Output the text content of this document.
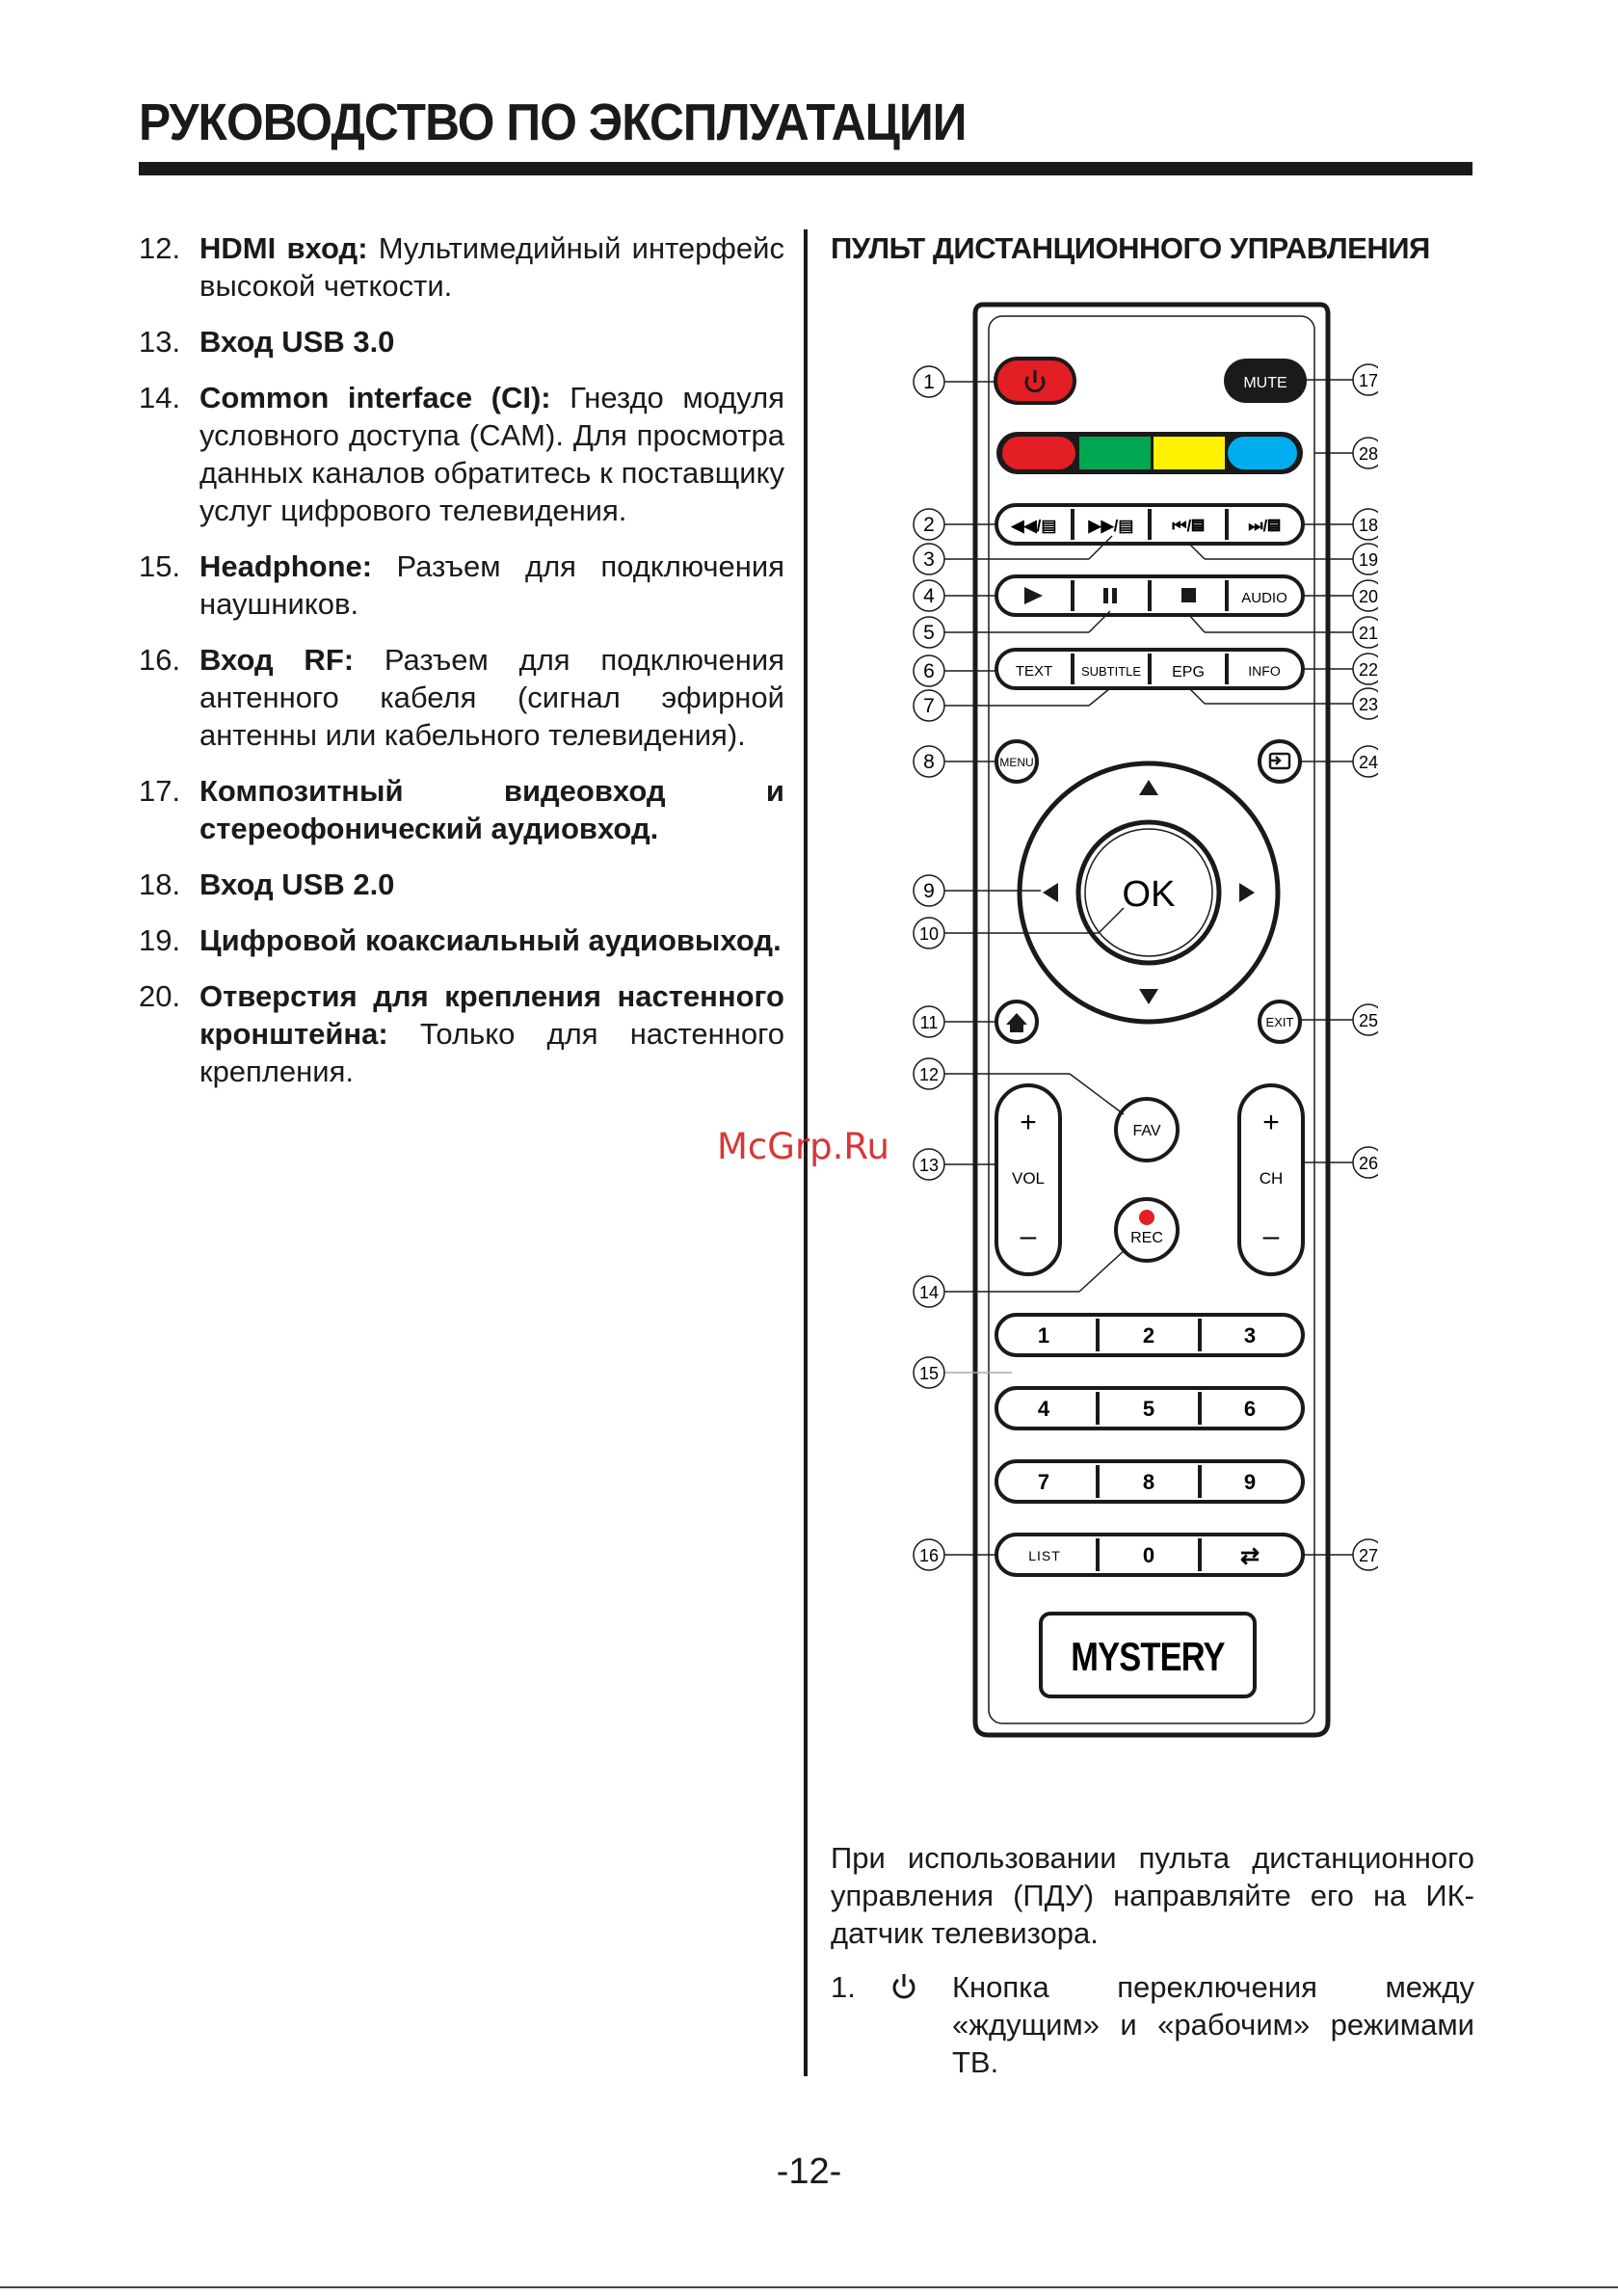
РУКОВОДСТВО ПО ЭКСПЛУАТАЦИИ
12. HDMI вход: Мультимедийный интерфейс высокой четкости.
13. Вход USB 3.0
14. Common interface (CI): Гнездо модуля условного доступа (CAM). Для просмотра данных каналов обратитесь к поставщику услуг цифрового телевидения.
15. Headphone: Разъем для подключения наушников.
16. Вход RF: Разъем для подключения антенного кабеля (сигнал эфирной антенны или кабельного телевидения).
17. Композитный видеовход и стереофонический аудиовход.
18. Вход USB 2.0
19. Цифровой коаксиальный аудиовыход.
20. Отверстия для крепления настенного кронштейна: Только для настенного крепления.
ПУЛЬТ ДИСТАНЦИОННОГО УПРАВЛЕНИЯ
MUTE
◀◀/▤ ▶▶/▤ ⏮/▤	⏭/▤
AUDIO
TEXT SUBTITLE EPG	INFO
MENU
OK
EXIT
+
VOL
–
+
CH
–
FAV
REC
1	2	3
4	5	6
7	8	9
0
LIST	⇄
MYSTERY
1
2
3
4
5
6
7
8
9
10
11
12
13
14
15
16
17
18
19
20
21
22
23
24
25
26
27
28
McGrp.Ru
При использовании пульта дистанционного управления (ПДУ) направляйте его на ИК-датчик телевизора.
1.	Кнопка переключения между «ждущим» и «рабочим» режимами ТВ.
-12-
